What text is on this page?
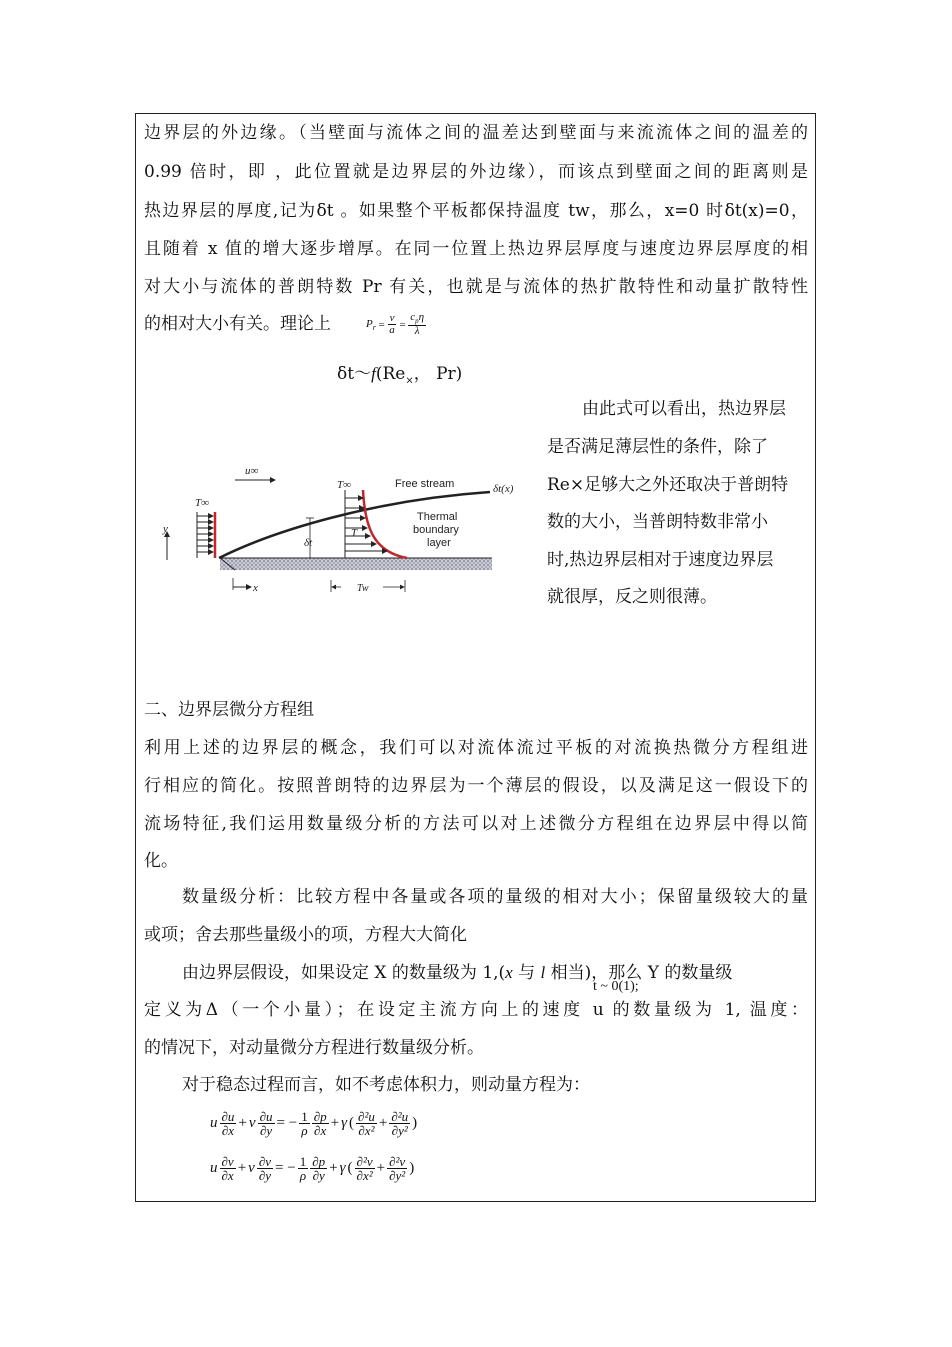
边界层的外边缘。（当壁面与流体之间的温差达到壁面与来流流体之间的温差的
0.99 倍时，即 ，此位置就是边界层的外边缘），而该点到壁面之间的距离则是
热边界层的厚度,记为δt 。如果整个平板都保持温度 tw，那么，x=0 时δt(x)=0，
且随着 x 值的增大逐步增厚。在同一位置上热边界层厚度与速度边界层厚度的相
对大小与流体的普朗特数 Pr 有关，也就是与流体的热扩散特性和动量扩散特性
的相对大小有关。理论上	$P_r = \frac{\nu}{a} = \frac{c_p\eta}{\lambda}$
$\delta t\sim f(Re_\times$， Pr)
由此式可以看出，热边界层
是否满足薄层性的条件，除了
Re×足够大之外还取决于普朗特
数的大小，当普朗特数非常小
时,热边界层相对于速度边界层
就很厚，反之则很薄。
u∞
T∞
T∞	δt(x)
y
x
δt
T
Tw
Free stream
Thermal
boundary
layer
二、边界层微分方程组
利用上述的边界层的概念，我们可以对流体流过平板的对流换热微分方程组进
行相应的简化。按照普朗特的边界层为一个薄层的假设，以及满足这一假设下的
流场特征,我们运用数量级分析的方法可以对上述微分方程组在边界层中得以简
化。
数量级分析：比较方程中各量或各项的量级的相对大小；保留量级较大的量
或项；舍去那些量级小的项，方程大大简化
由边界层假设，如果设定 X 的数量级为 1,(x 与 l 相当)，那么 Y 的数量级
t ~ 0(1);
定义为Δ（一个小量）；在设定主流方向上的速度 u 的数量级为 1, 温度：
的情况下，对动量微分方程进行数量级分析。
对于稳态过程而言，如不考虑体积力，则动量方程为：
u $\frac{\partial u}{\partial x} + v \frac{\partial u}{\partial y}$ = − $\frac{1}{\rho} \frac{\partial p}{\partial x} + \gamma$ ( $\frac{\text{∂²u}}{\text{∂x²}} + \frac{\text{∂²u}}{\text{∂y²}}$ )
u $\frac{\partial v}{\partial x} + v \frac{\partial v}{\partial y}$ = − $\frac{1}{\rho} \frac{\partial p}{\partial y} + \gamma$ ( $\frac{\text{∂²v}}{\text{∂x²}} + \frac{\text{∂²v}}{\text{∂y²}}$ )
